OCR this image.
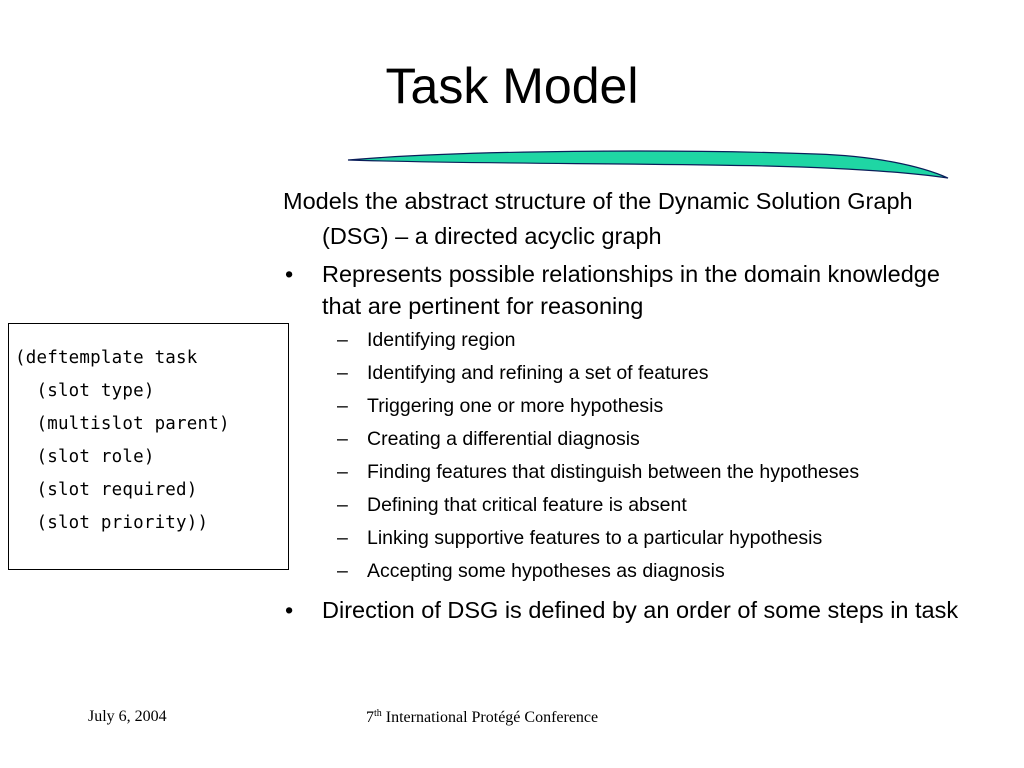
Task Model

Models the abstract structure of the Dynamic Solution Graph (DSG) – a directed acyclic graph

• Represents possible relationships in the domain knowledge that are pertinent for reasoning
– Identifying region
– Identifying and refining a set of features
– Triggering one or more hypothesis
– Creating a differential diagnosis
– Finding features that distinguish between the hypotheses
– Defining that critical feature is absent
– Linking supportive features to a particular hypothesis
– Accepting some hypotheses as diagnosis
• Direction of DSG is defined by an order of some steps in task
(deftemplate task
(slot type)
(multislot parent)
(slot role)
(slot required)
(slot priority))
July 6, 2004	7th International Protégé Conference
